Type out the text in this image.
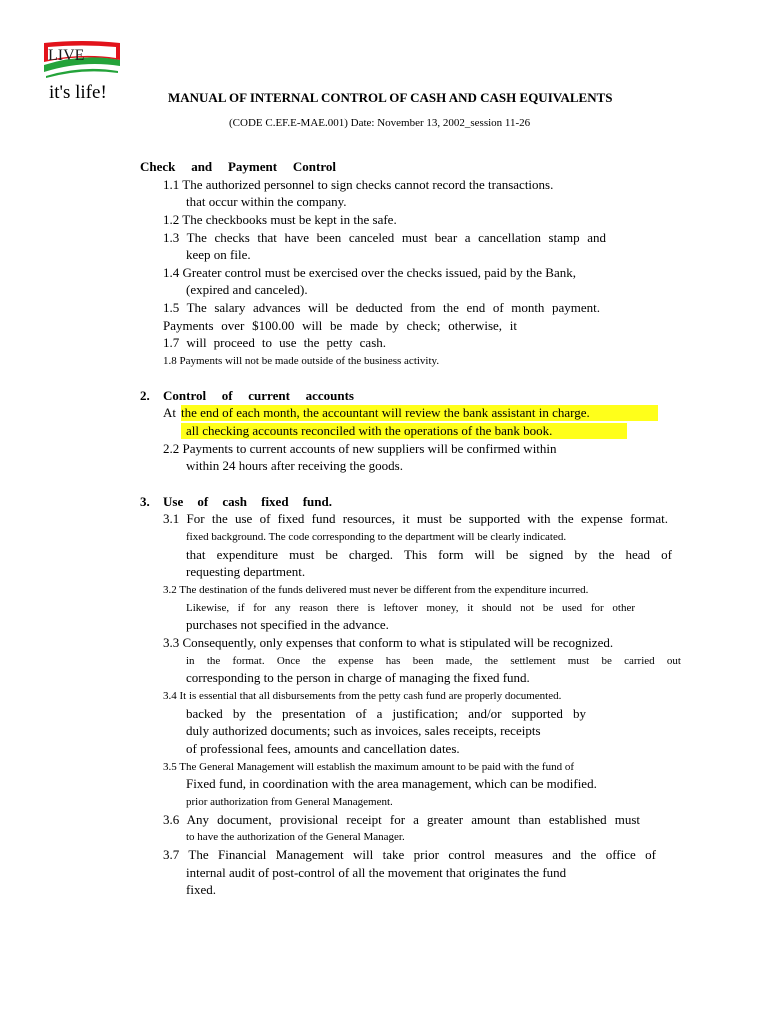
LIVE
it's life!	MANUAL OF INTERNAL CONTROL OF CASH AND CASH EQUIVALENTS
(CODE C.EF.E-MAE.001) Date: November 13, 2002_session 11-26
Check and Payment Control
1.1 The authorized personnel to sign checks cannot record the transactions.
that occur within the company.
1.2 The checkbooks must be kept in the safe.
1.3 The checks that have been canceled must bear a cancellation stamp and
keep on file.
1.4 Greater control must be exercised over the checks issued, paid by the Bank,
(expired and canceled).
1.5 The salary advances will be deducted from the end of month payment.
Payments over $100.00 will be made by check; otherwise, it
1.7 will proceed to use the petty cash.
1.8 Payments will not be made outside of the business activity.
2. Control of current accounts
At the end of each month, the accountant will review the bank assistant in charge.
all checking accounts reconciled with the operations of the bank book.
2.2 Payments to current accounts of new suppliers will be confirmed within
within 24 hours after receiving the goods.
3. Use of cash fixed fund.
3.1 For the use of fixed fund resources, it must be supported with the expense format.
fixed background. The code corresponding to the department will be clearly indicated.
that expenditure must be charged. This form will be signed by the head of
requesting department.
3.2 The destination of the funds delivered must never be different from the expenditure incurred.
Likewise, if for any reason there is leftover money, it should not be used for other
purchases not specified in the advance.
3.3 Consequently, only expenses that conform to what is stipulated will be recognized.
in the format. Once the expense has been made, the settlement must be carried out
corresponding to the person in charge of managing the fixed fund.
3.4 It is essential that all disbursements from the petty cash fund are properly documented.
backed by the presentation of a justification; and/or supported by
duly authorized documents; such as invoices, sales receipts, receipts
of professional fees, amounts and cancellation dates.
3.5 The General Management will establish the maximum amount to be paid with the fund of
Fixed fund, in coordination with the area management, which can be modified.
prior authorization from General Management.
3.6 Any document, provisional receipt for a greater amount than established must
to have the authorization of the General Manager.
3.7 The Financial Management will take prior control measures and the office of
internal audit of post-control of all the movement that originates the fund
fixed.
